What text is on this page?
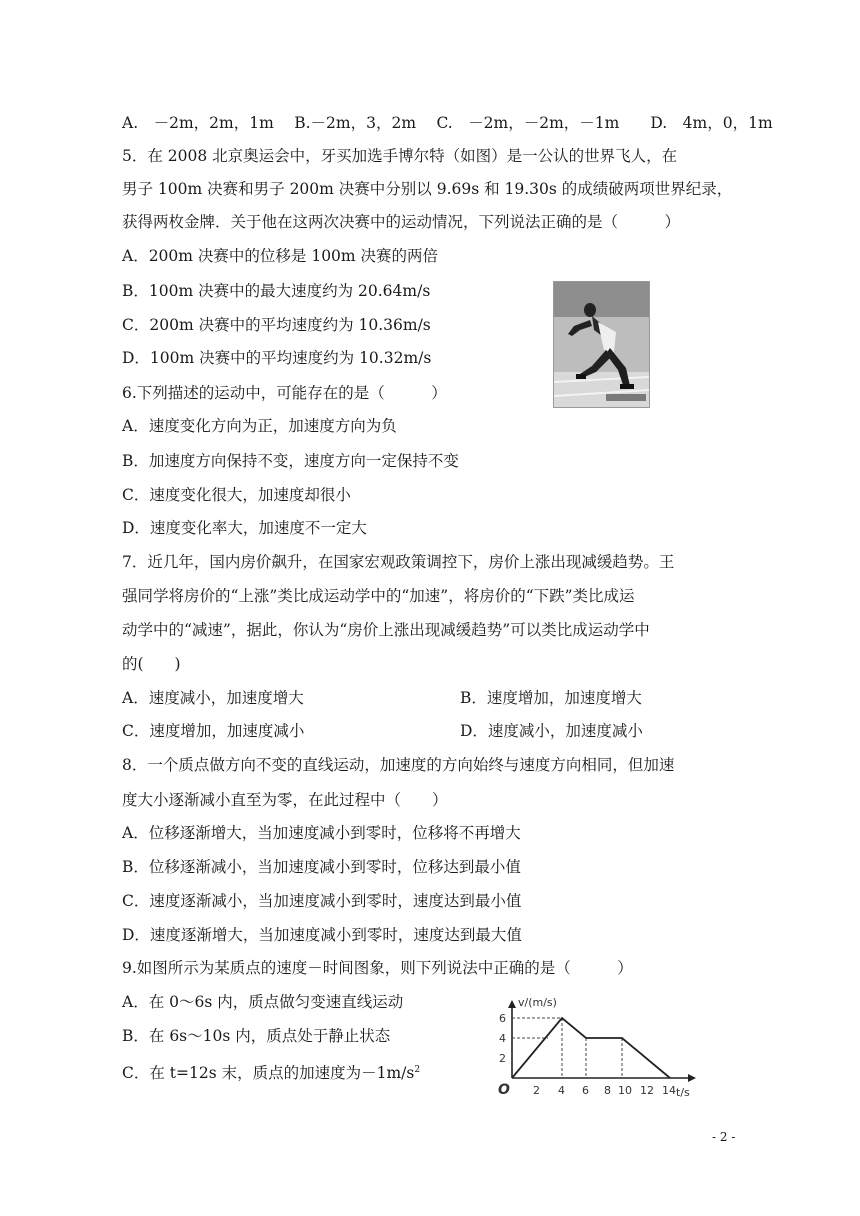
A.　－2m，2m，1m　 B.－2m，3，2m　 C.　－2m，－2m，－1m　　D.　4m，0，1m
5．在 2008 北京奥运会中，牙买加选手博尔特（如图）是一公认的世界飞人，在
男子 100m 决赛和男子 200m 决赛中分别以 9.69s 和 19.30s 的成绩破两项世界纪录，
获得两枚金牌．关于他在这两次决赛中的运动情况，下列说法正确的是（　　　）
A．200m 决赛中的位移是 100m 决赛的两倍
B．100m 决赛中的最大速度约为 20.64m/s
C．200m 决赛中的平均速度约为 10.36m/s
D．100m 决赛中的平均速度约为 10.32m/s
6.下列描述的运动中，可能存在的是（　　　）
A．速度变化方向为正，加速度方向为负
B．加速度方向保持不变，速度方向一定保持不变
C．速度变化很大，加速度却很小
D．速度变化率大，加速度不一定大
7．近几年，国内房价飙升，在国家宏观政策调控下，房价上涨出现减缓趋势。王
强同学将房价的“上涨”类比成运动学中的“加速”，将房价的“下跌”类比成运
动学中的“减速”，据此，你认为“房价上涨出现减缓趋势”可以类比成运动学中
的(　　)
A．速度减小，加速度增大	B．速度增加，加速度增大
C．速度增加，加速度减小	D．速度减小，加速度减小
8．一个质点做方向不变的直线运动，加速度的方向始终与速度方向相同，但加速
度大小逐渐减小直至为零，在此过程中（　　）
A．位移逐渐增大，当加速度减小到零时，位移将不再增大
B．位移逐渐减小，当加速度减小到零时，位移达到最小值
C．速度逐渐减小，当加速度减小到零时，速度达到最小值
D．速度逐渐增大，当加速度减小到零时，速度达到最大值
9.如图所示为某质点的速度－时间图象，则下列说法中正确的是（　　　）
A．在 0～6s 内，质点做匀变速直线运动
B．在 6s～10s 内，质点处于静止状态
C．在 t=12s 末，质点的加速度为$-1m/s^2$
v/(m/s)
t/s
O
2
4
6
2 4 6 8 10 12 14
- 2 -
